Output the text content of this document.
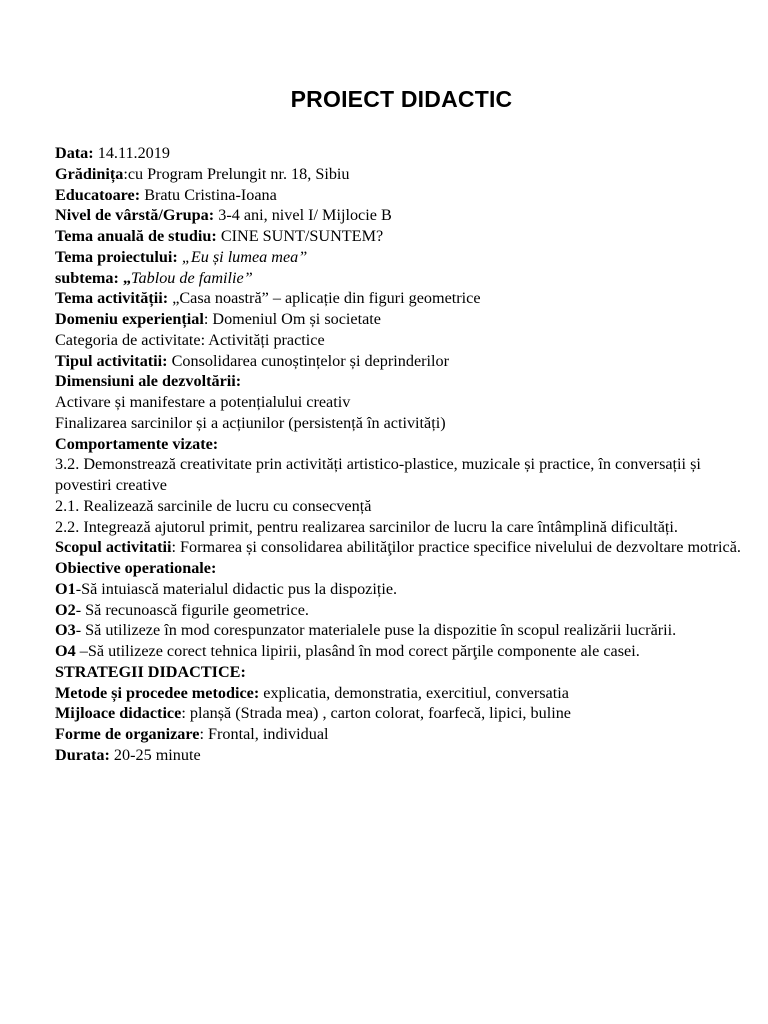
PROIECT DIDACTIC
Data: 14.11.2019
Grădinița:cu Program Prelungit nr. 18, Sibiu
Educatoare: Bratu Cristina-Ioana
Nivel de vârstă/Grupa: 3-4 ani, nivel I/ Mijlocie B
Tema anuală de studiu: CINE SUNT/SUNTEM?
Tema proiectului: „Eu și lumea mea”
subtema: „Tablou de familie”
Tema activității: „Casa noastră” – aplicație din figuri geometrice
Domeniu experiențial: Domeniul Om și societate
Categoria de activitate: Activități practice
Tipul activitatii: Consolidarea cunoștințelor și deprinderilor
Dimensiuni ale dezvoltării:
Activare și manifestare a potențialului creativ
Finalizarea sarcinilor și a acțiunilor (persistență în activități)
Comportamente vizate:
3.2. Demonstrează creativitate prin activități artistico-plastice, muzicale și practice, în conversații și povestiri creative
2.1. Realizează sarcinile de lucru cu consecvență
2.2. Integrează ajutorul primit, pentru realizarea sarcinilor de lucru la care întâmplină dificultăți.
Scopul activitatii: Formarea și consolidarea abilităţilor practice specifice nivelului de dezvoltare motrică.
Obiective operationale:
O1-Să intuiască materialul didactic pus la dispoziție.
O2- Să recunoască figurile geometrice.
O3- Să utilizeze în mod corespunzator materialele puse la dispozitie în scopul realizării lucrării.
O4 –Să utilizeze corect tehnica lipirii, plasând în mod corect părţile componente ale casei.
STRATEGII DIDACTICE:
Metode și procedee metodice: explicatia, demonstratia, exercitiul, conversatia
Mijloace didactice: planșă (Strada mea) , carton colorat, foarfecă, lipici, buline
Forme de organizare: Frontal, individual
Durata: 20-25 minute
